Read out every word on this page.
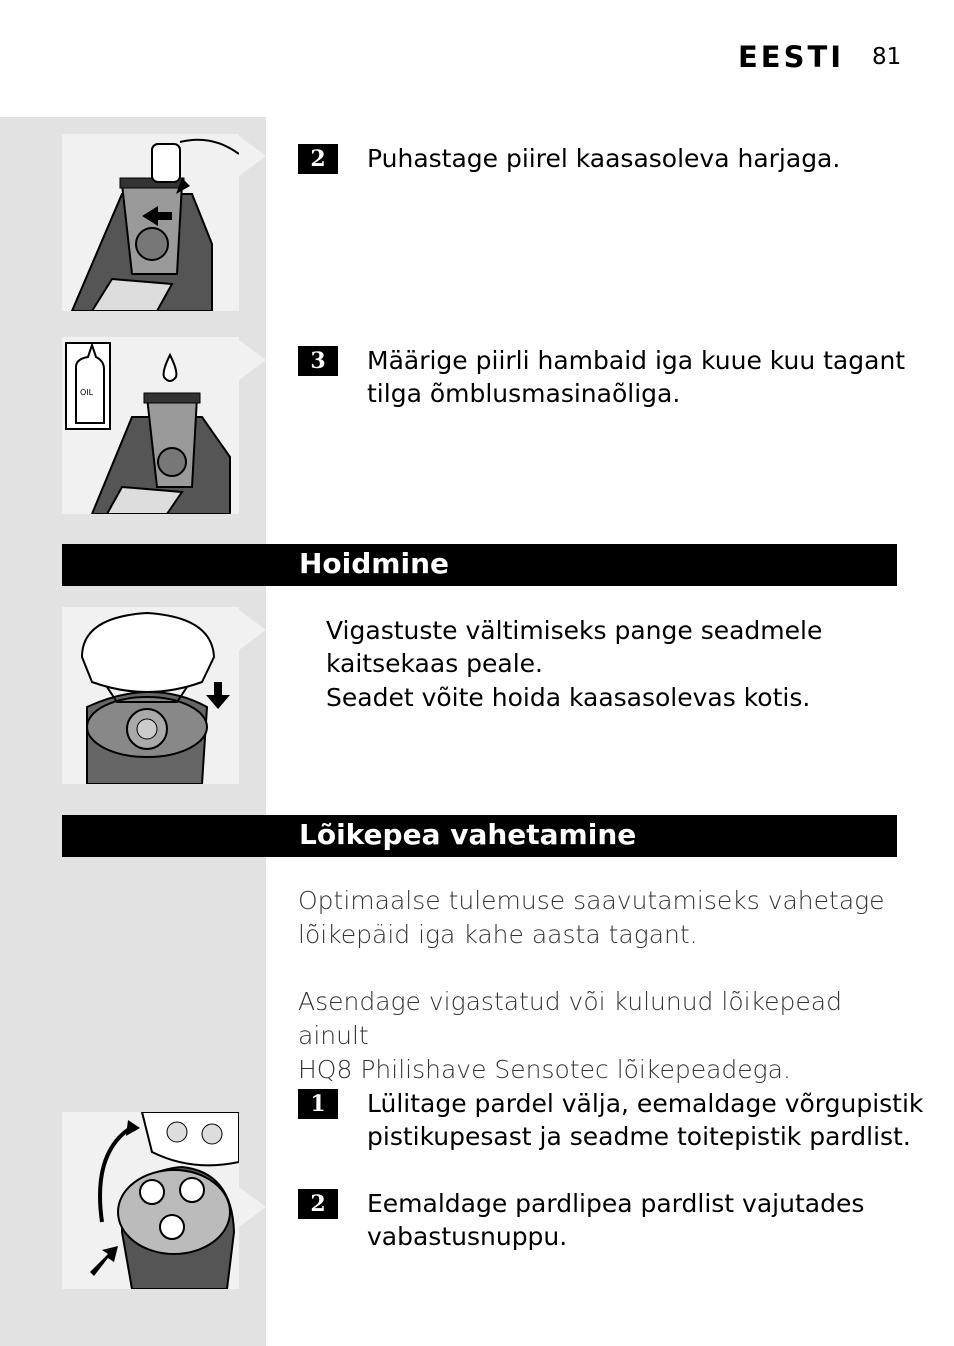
EESTI 81
2	Puhastage piirel kaasasoleva harjaga.
OIL
3	Määrige piirli hambaid iga kuue kuu tagant tilga õmblusmasinaõliga.
Hoidmine
Vigastuste vältimiseks pange seadmele
kaitsekaas peale.
Seadet võite hoida kaasasolevas kotis.
Lõikepea vahetamine
Optimaalse tulemuse saavutamiseks vahetage
lõikepäid iga kahe aasta tagant.
Asendage vigastatud või kulunud lõikepead ainult
HQ8 Philishave Sensotec lõikepeadega.
1	Lülitage pardel välja, eemaldage võrgupistik pistikupesast ja seadme toitepistik pardlist.
2	Eemaldage pardlipea pardlist vajutades vabastusnuppu.
